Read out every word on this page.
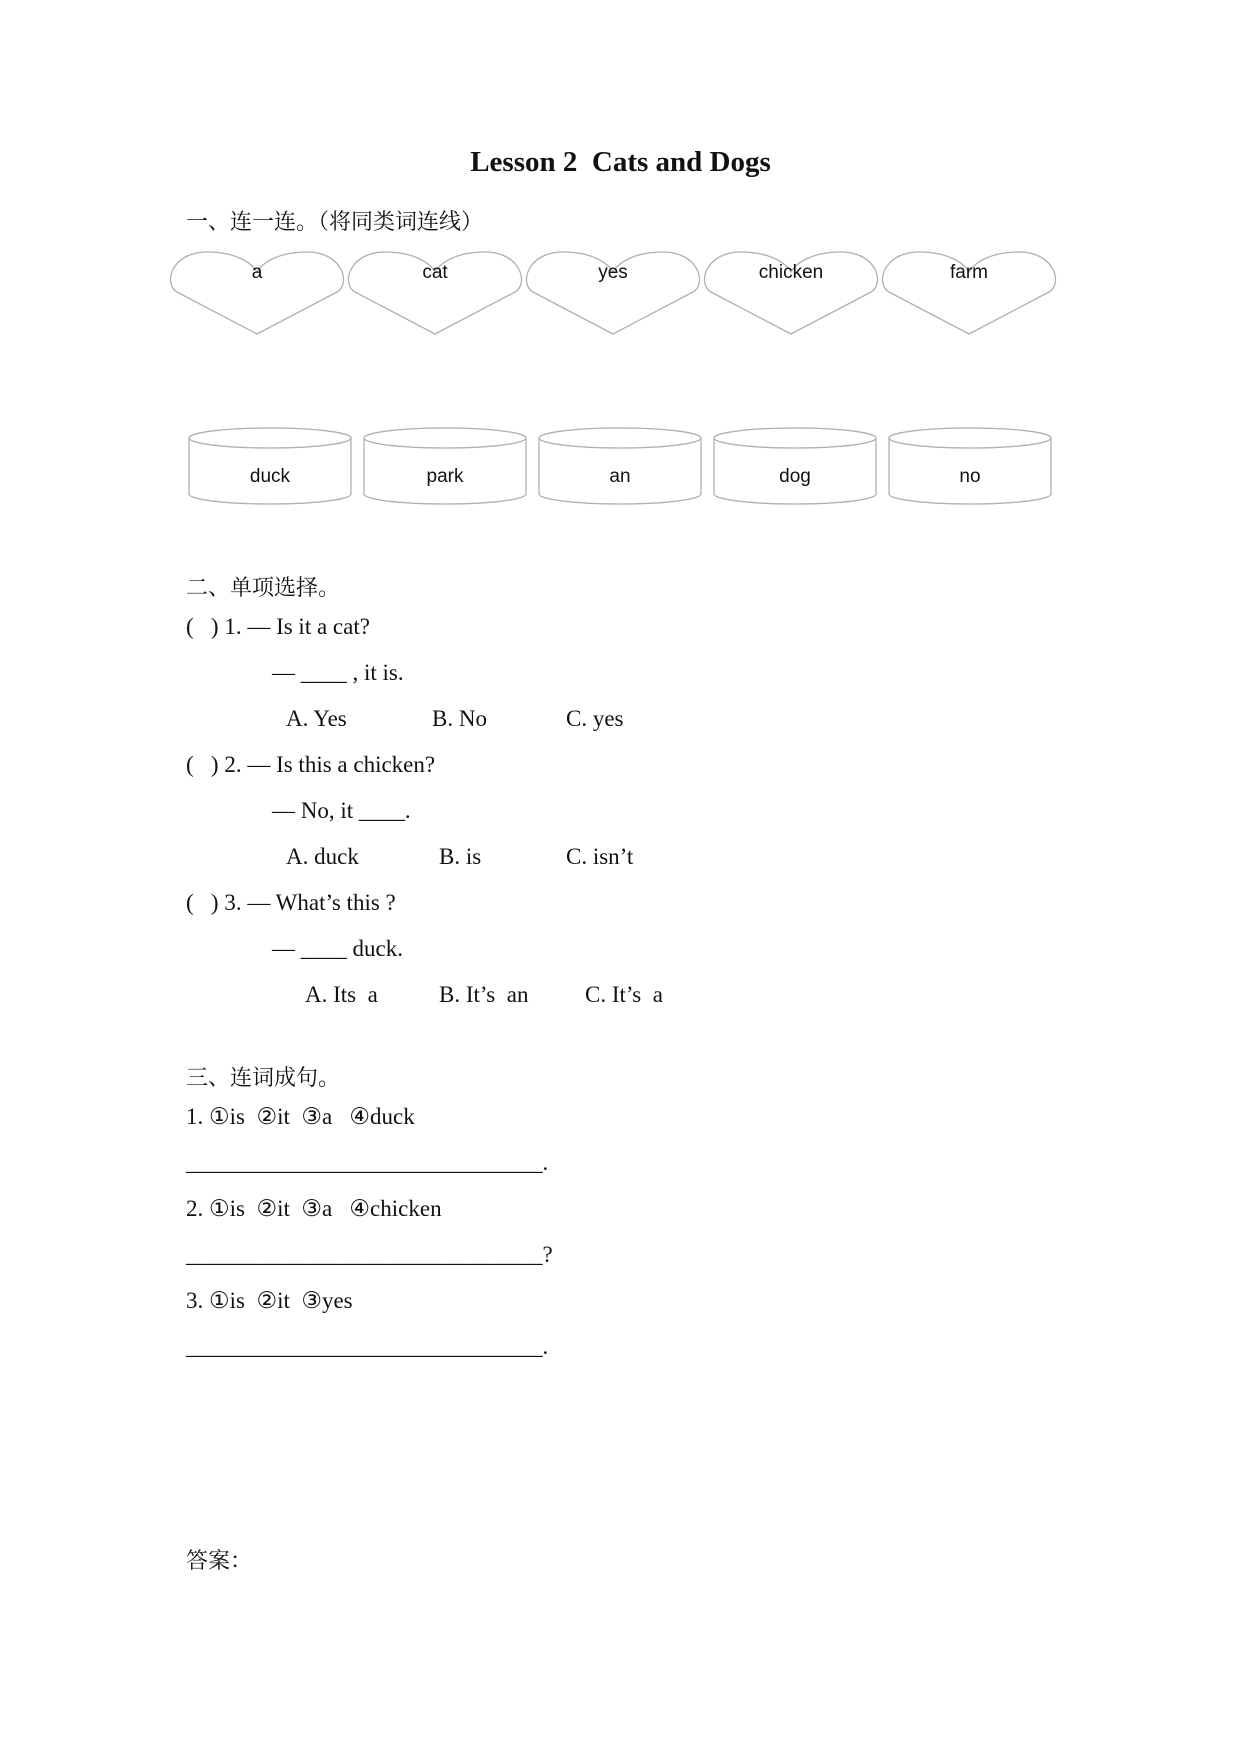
Lesson 2  Cats and Dogs
一、连一连。（将同类词连线）
a	cat	yes	chicken	farm
duck	park	an	dog	no
二、单项选择。
(   ) 1. — Is it a cat?
— ____ , it is.
A. Yes	B. No	C. yes
(   ) 2. — Is this a chicken?
— No, it ____.
A. duck	B. is	C. isn’t
(   ) 3. — What’s this ?
— ____ duck.
A. Its  a	B. It’s  an C. It’s  a
三、连词成句。
1. ①is  ②it  ③a   ④duck
_______________________________.
2. ①is  ②it  ③a   ④chicken
_______________________________?
3. ①is  ②it  ③yes
_______________________________.
答案：
